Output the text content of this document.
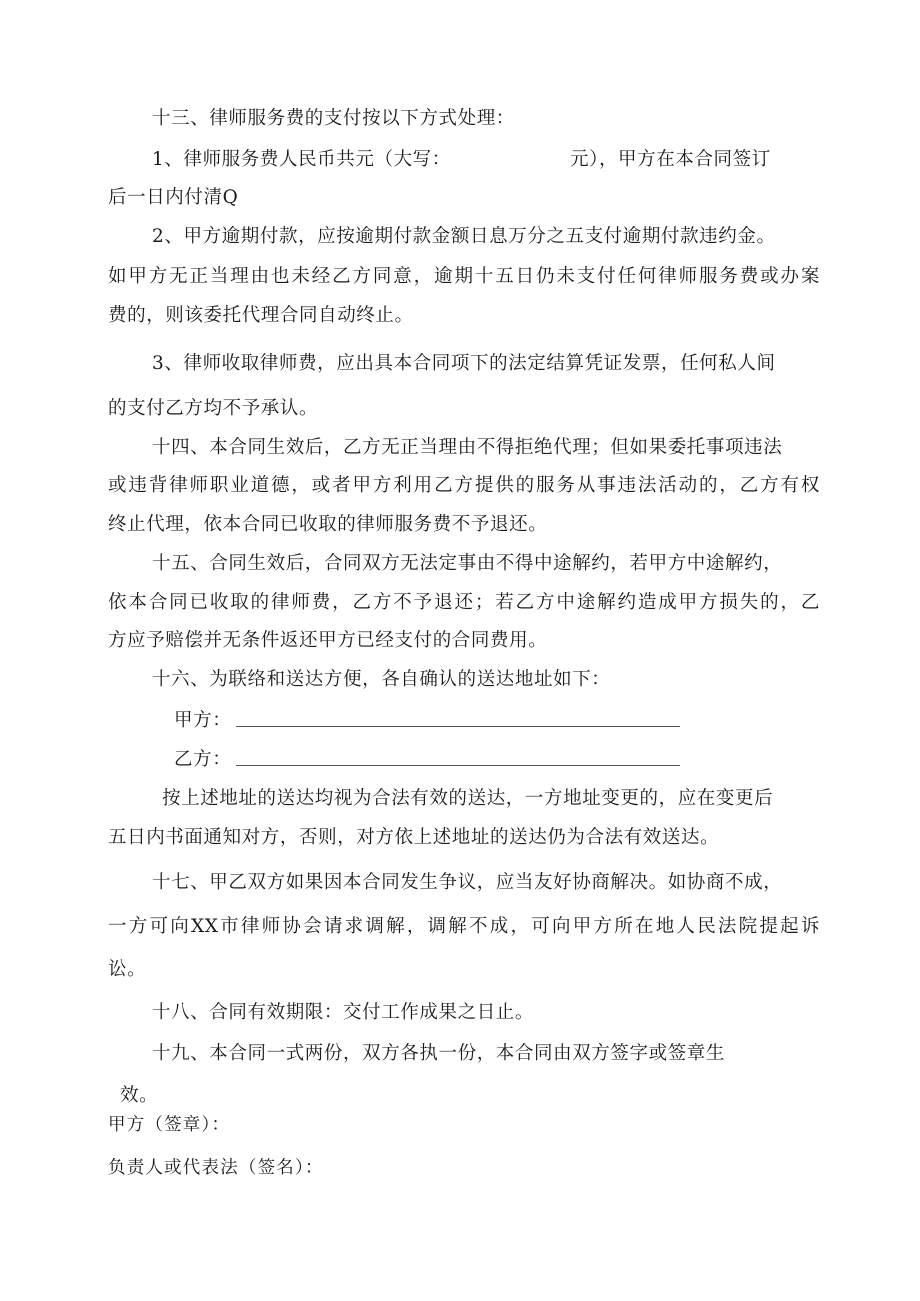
十三、律师服务费的支付按以下方式处理：
1、律师服务费人民币共元（大写：	元），甲方在本合同签订
后一日内付清Q
2、甲方逾期付款，应按逾期付款金额日息万分之五支付逾期付款违约金。
如甲方无正当理由也未经乙方同意，逾期十五日仍未支付任何律师服务费或办案
费的，则该委托代理合同自动终止。
3、律师收取律师费，应出具本合同项下的法定结算凭证发票，任何私人间
的支付乙方均不予承认。
十四、本合同生效后，乙方无正当理由不得拒绝代理；但如果委托事项违法
或违背律师职业道德，或者甲方利用乙方提供的服务从事违法活动的，乙方有权
终止代理，依本合同已收取的律师服务费不予退还。
十五、合同生效后，合同双方无法定事由不得中途解约，若甲方中途解约，
依本合同已收取的律师费，乙方不予退还；若乙方中途解约造成甲方损失的，乙
方应予赔偿并无条件返还甲方已经支付的合同费用。
十六、为联络和送达方便，各自确认的送达地址如下：
甲方：
乙方：
按上述地址的送达均视为合法有效的送达，一方地址变更的，应在变更后
五日内书面通知对方，否则，对方依上述地址的送达仍为合法有效送达。
十七、甲乙双方如果因本合同发生争议，应当友好协商解决。如协商不成，
一方可向XX市律师协会请求调解，调解不成，可向甲方所在地人民法院提起诉
讼。
十八、合同有效期限：交付工作成果之日止。
十九、本合同一式两份，双方各执一份，本合同由双方签字或签章生
效。
甲方（签章）：
负责人或代表法（签名）：
